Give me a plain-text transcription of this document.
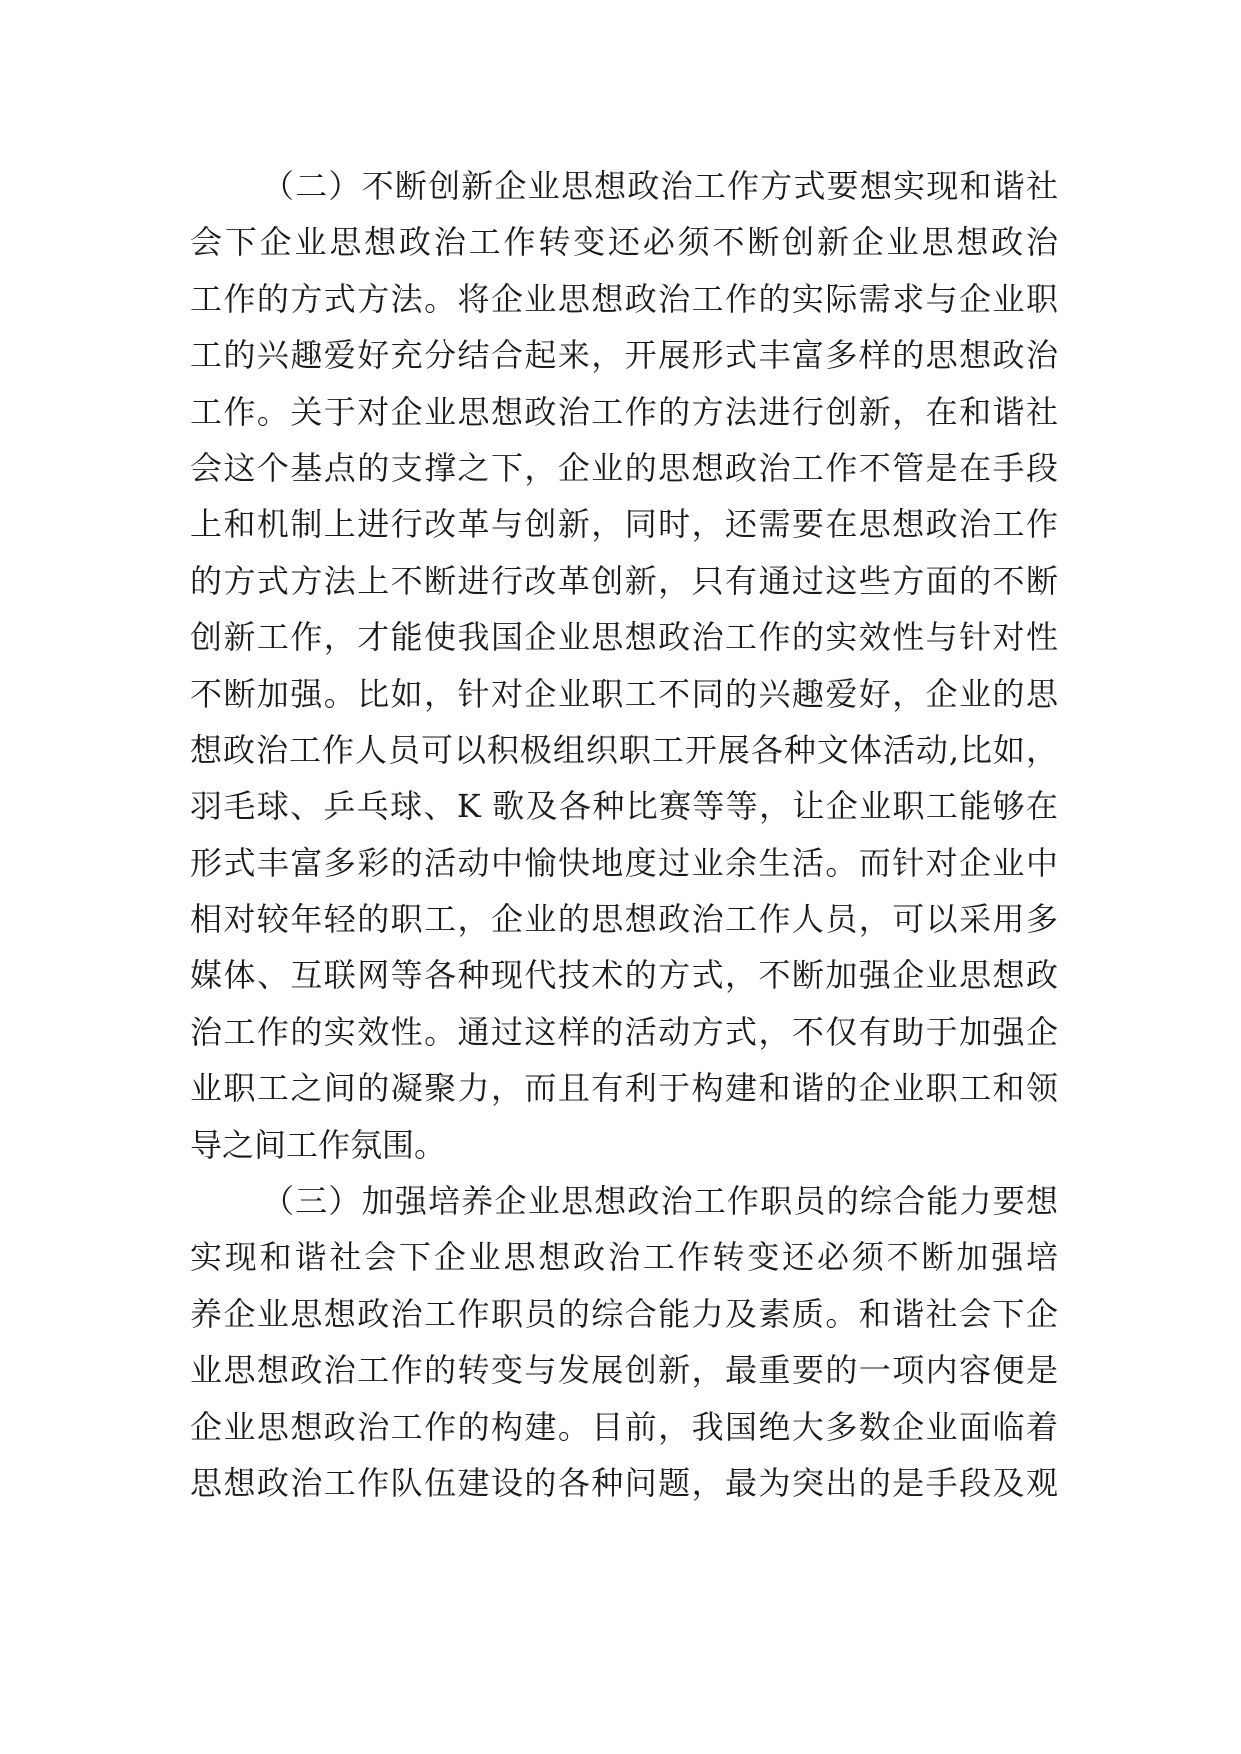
（二）不断创新企业思想政治工作方式要想实现和谐社
会下企业思想政治工作转变还必须不断创新企业思想政治
工作的方式方法。将企业思想政治工作的实际需求与企业职
工的兴趣爱好充分结合起来，开展形式丰富多样的思想政治
工作。关于对企业思想政治工作的方法进行创新，在和谐社
会这个基点的支撑之下，企业的思想政治工作不管是在手段
上和机制上进行改革与创新，同时，还需要在思想政治工作
的方式方法上不断进行改革创新，只有通过这些方面的不断
创新工作，才能使我国企业思想政治工作的实效性与针对性
不断加强。比如，针对企业职工不同的兴趣爱好，企业的思
想政治工作人员可以积极组织职工开展各种文体活动,比如，
羽毛球、乒乓球、K 歌及各种比赛等等，让企业职工能够在
形式丰富多彩的活动中愉快地度过业余生活。而针对企业中
相对较年轻的职工，企业的思想政治工作人员，可以采用多
媒体、互联网等各种现代技术的方式，不断加强企业思想政
治工作的实效性。通过这样的活动方式，不仅有助于加强企
业职工之间的凝聚力，而且有利于构建和谐的企业职工和领
导之间工作氛围。
（三）加强培养企业思想政治工作职员的综合能力要想
实现和谐社会下企业思想政治工作转变还必须不断加强培
养企业思想政治工作职员的综合能力及素质。和谐社会下企
业思想政治工作的转变与发展创新，最重要的一项内容便是
企业思想政治工作的构建。目前，我国绝大多数企业面临着
思想政治工作队伍建设的各种问题，最为突出的是手段及观
